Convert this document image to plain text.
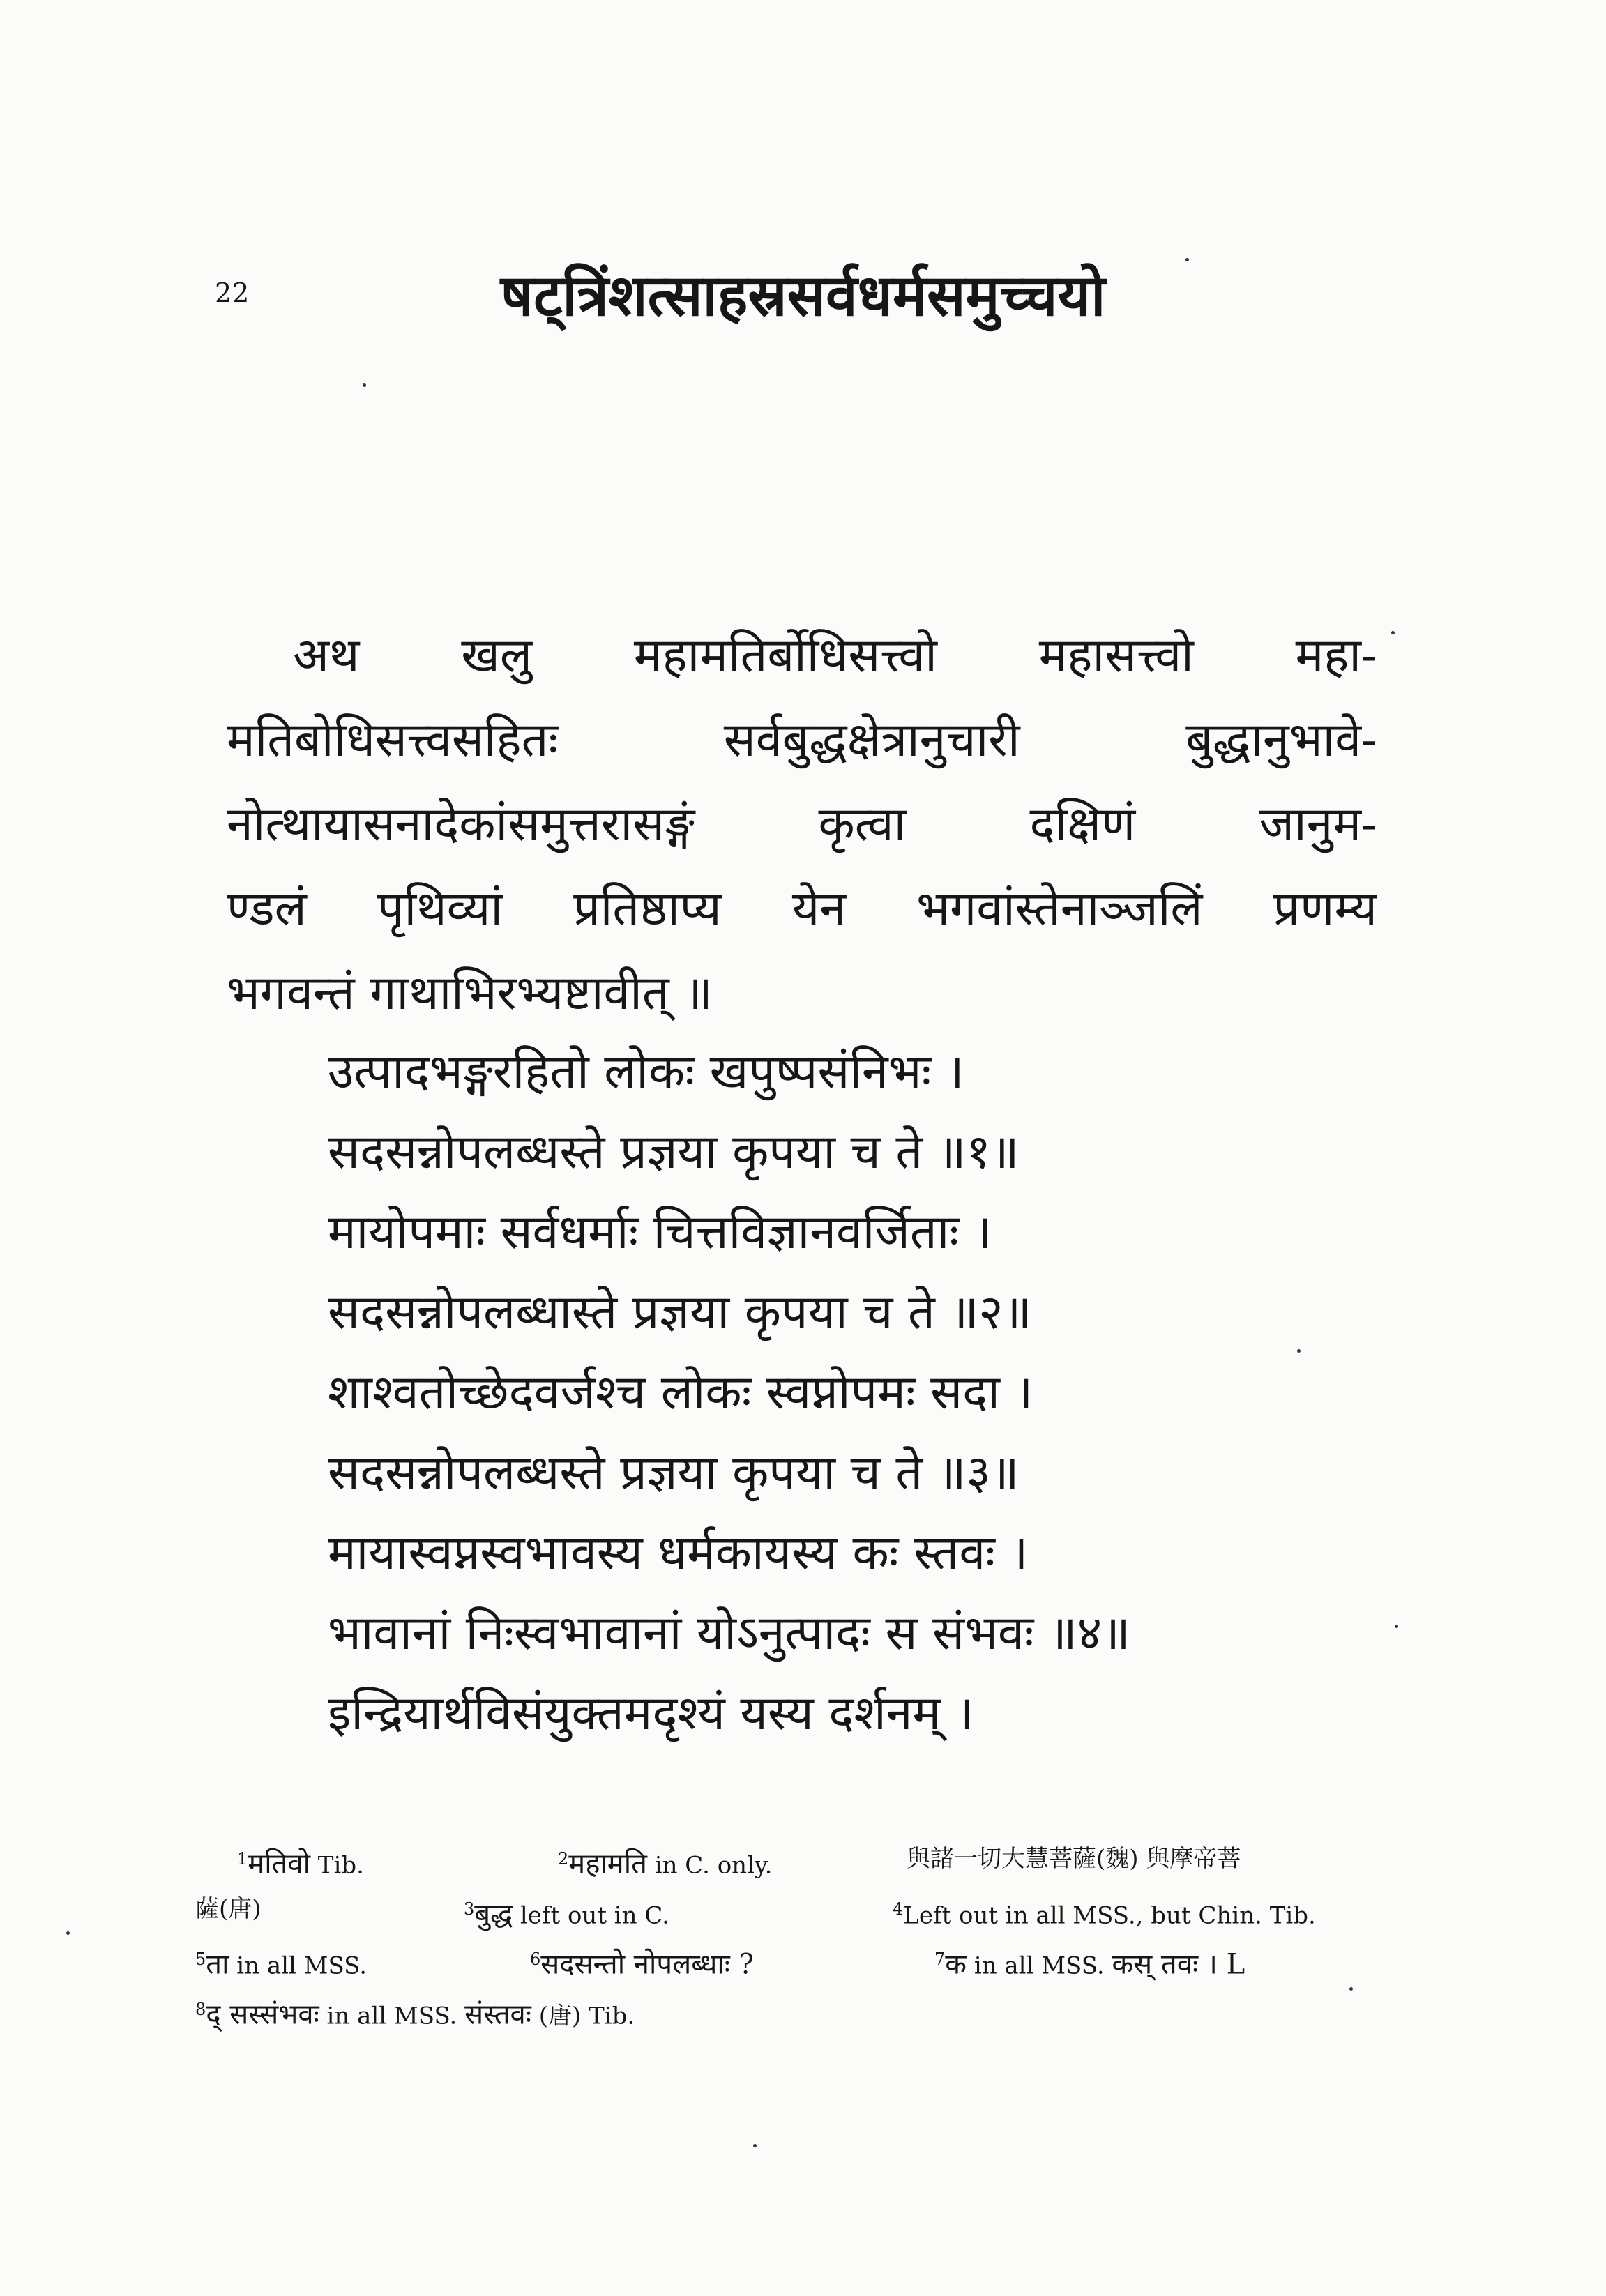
22	षट्त्रिंशत्साहस्रसर्वधर्मसमुच्चयो
अथ खलु महामतिर्बोधिसत्त्वो महासत्त्वो महा-
मतिबोधिसत्त्वसहितः सर्वबुद्धक्षेत्रानुचारी बुद्धानुभावे-
नोत्थायासनादेकांसमुत्तरासङ्गं कृत्वा दक्षिणं जानुम-
ण्डलं पृथिव्यां प्रतिष्ठाप्य येन भगवांस्तेनाञ्जलिं प्रणम्य
भगवन्तं गाथाभिरभ्यष्टावीत् ॥
उत्पादभङ्गरहितो लोकः खपुष्पसंनिभः ।
सदसन्नोपलब्धस्ते प्रज्ञया कृपया च ते ॥१॥
मायोपमाः सर्वधर्माः चित्तविज्ञानवर्जिताः ।
सदसन्नोपलब्धास्ते प्रज्ञया कृपया च ते ॥२॥
शाश्वतोच्छेदवर्जश्च लोकः स्वप्नोपमः सदा ।
सदसन्नोपलब्धस्ते प्रज्ञया कृपया च ते ॥३॥
मायास्वप्नस्वभावस्य धर्मकायस्य कः स्तवः ।
भावानां निःस्वभावानां योऽनुत्पादः स संभवः ॥४॥
इन्द्रियार्थविसंयुक्तमदृश्यं यस्य दर्शनम् ।
$^1$मतिवो Tib.	$^2$महामति in C. only.	與諸一切大慧菩薩(魏) 與摩帝菩
薩(唐)	$^3$बुद्ध left out in C.	$^4$Left out in all MSS., but Chin. Tib.
$^5$ता in all MSS.	$^6$सदसन्तो नोपलब्धाः ?	$^7$क in all MSS. कस् तवः । L
$^8$द् सस्संभवः in all MSS. संस्तवः (唐) Tib.
